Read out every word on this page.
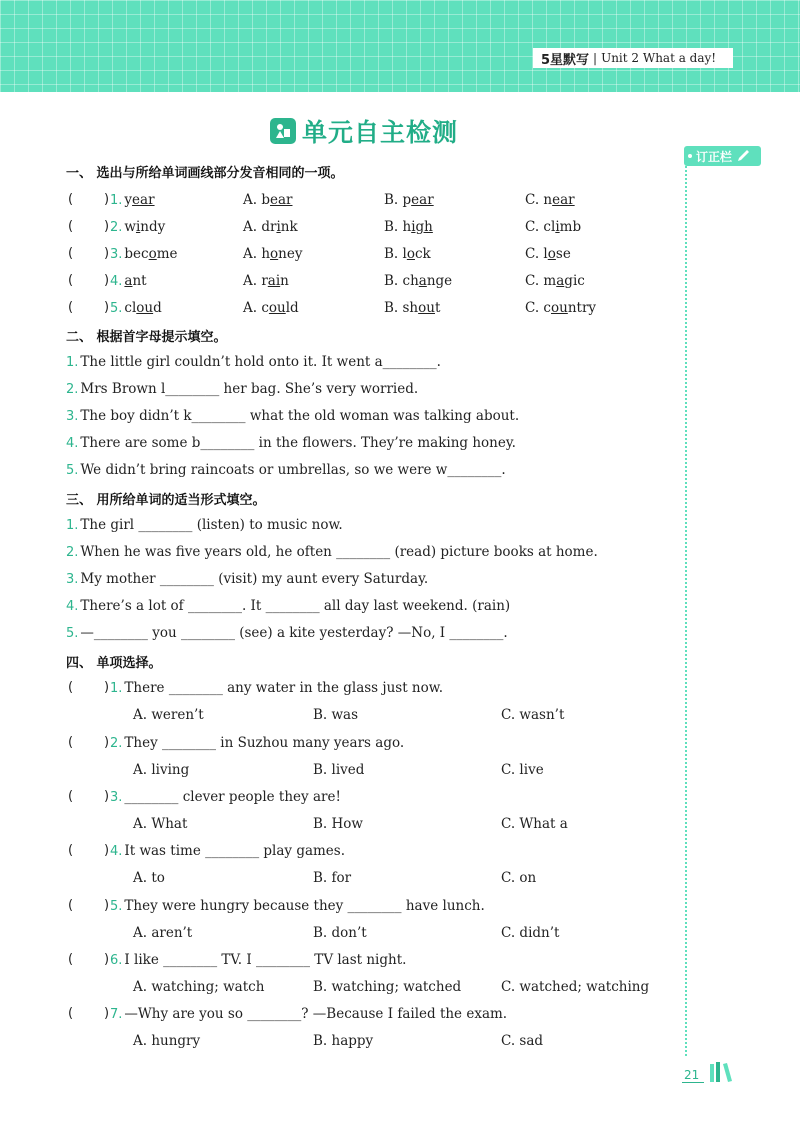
5星默写 | Unit 2 What a day!
单元自主检测
订正栏
一、 选出与所给单词画线部分发音相同的一项。
( ) 1. year	A. bear	B. pear	C. near
( ) 2. windy	A. drink	B. high	C. climb
( ) 3. become	A. honey	B. lock	C. lose
( ) 4. ant	A. rain	B. change	C. magic
( ) 5. cloud	A. could	B. shout	C. country
二、 根据首字母提示填空。
1. The little girl couldn’t hold onto it. It went a________.
2. Mrs Brown l________ her bag. She’s very worried.
3. The boy didn’t k________ what the old woman was talking about.
4. There are some b________ in the flowers. They’re making honey.
5. We didn’t bring raincoats or umbrellas, so we were w________.
三、 用所给单词的适当形式填空。
1. The girl ________ (listen) to music now.
2. When he was five years old, he often ________ (read) picture books at home.
3. My mother ________ (visit) my aunt every Saturday.
4. There’s a lot of ________. It ________ all day last weekend. (rain)
5. —________ you ________ (see) a kite yesterday? —No, I ________.
四、 单项选择。
( ) 1. There ________ any water in the glass just now.
A. weren’t	B. was	C. wasn’t
( ) 2. They ________ in Suzhou many years ago.
A. living	B. lived	C. live
( ) 3. ________ clever people they are!
A. What	B. How	C. What a
( ) 4. It was time ________ play games.
A. to	B. for	C. on
( ) 5. They were hungry because they ________ have lunch.
A. aren’t	B. don’t	C. didn’t
( ) 6. I like ________ TV. I ________ TV last night.
A. watching; watch	B. watching; watched	C. watched; watching
( ) 7. —Why are you so ________? —Because I failed the exam.
A. hungry	B. happy	C. sad
21
